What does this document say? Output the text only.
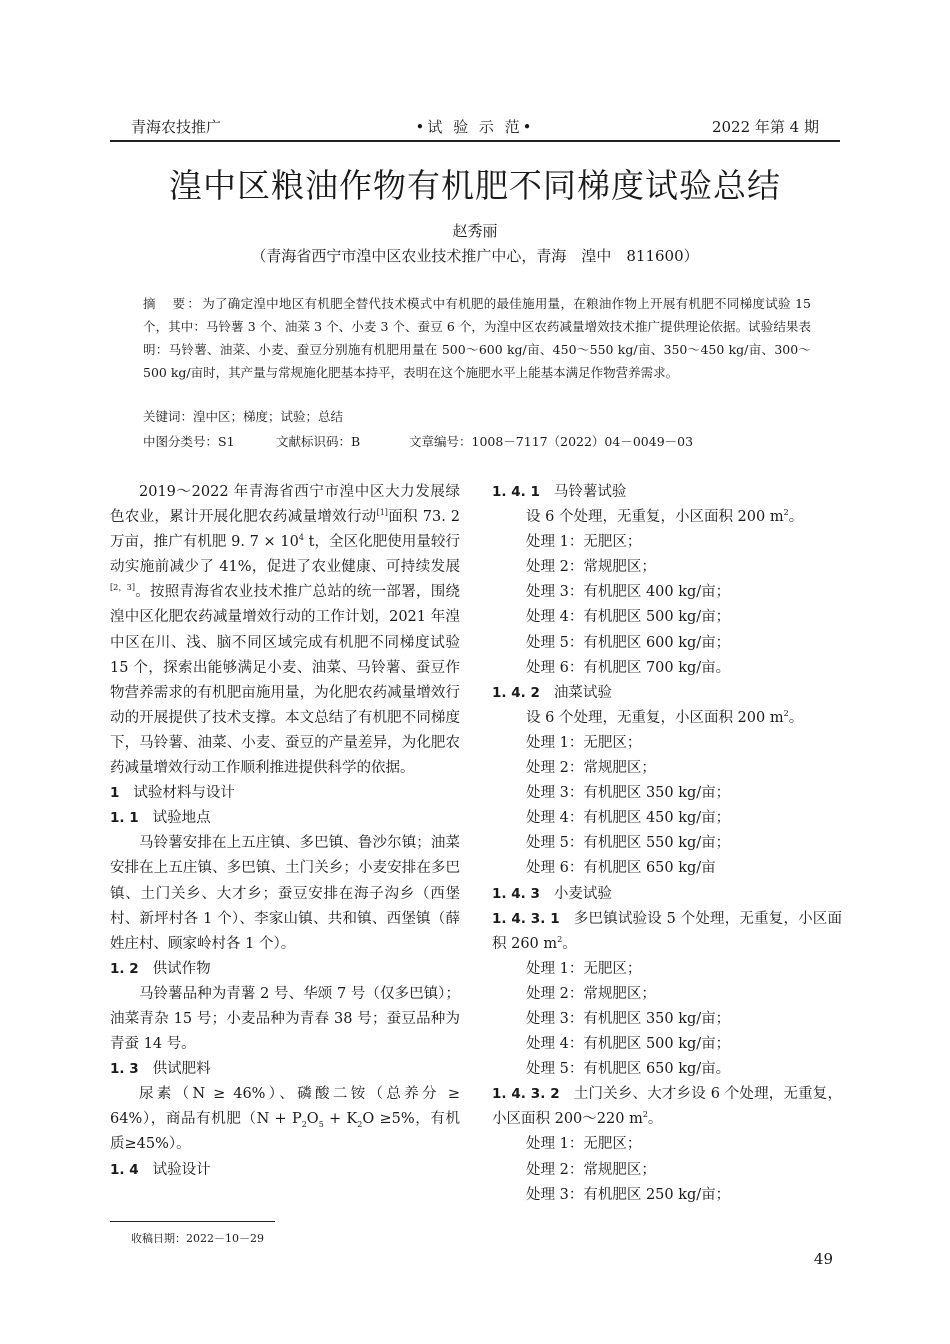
青海农技推广	•试 验 示 范•	2022 年第 4 期
湟中区粮油作物有机肥不同梯度试验总结
赵秀丽
（青海省西宁市湟中区农业技术推广中心，青海　湟中　811600）
摘　要：为了确定湟中地区有机肥全替代技术模式中有机肥的最佳施用量，在粮油作物上开展有机肥不同梯度试验 15 个，其中：马铃薯 3 个、油菜 3 个、小麦 3 个、蚕豆 6 个，为湟中区农药减量增效技术推广提供理论依据。试验结果表明：马铃薯、油菜、小麦、蚕豆分别施有机肥用量在 500～600 kg/亩、450～550 kg/亩、350～450 kg/亩、300～500 kg/亩时，其产量与常规施化肥基本持平，表明在这个施肥水平上能基本满足作物营养需求。
关键词：湟中区；梯度；试验；总结
中图分类号：S1	文献标识码：B	文章编号：1008－7117（2022）04－0049－03

2019～2022 年青海省西宁市湟中区大力发展绿色农业，累计开展化肥农药减量增效行动[1]面积 73. 2 万亩，推广有机肥 9. $7 \times 10^4$ t，全区化肥使用量较行动实施前减少了 41%，促进了农业健康、可持续发展[2，3]。按照青海省农业技术推广总站的统一部署，围绕湟中区化肥农药减量增效行动的工作计划，2021 年湟中区在川、浅、脑不同区域完成有机肥不同梯度试验 15 个，探索出能够满足小麦、油菜、马铃薯、蚕豆作物营养需求的有机肥亩施用量，为化肥农药减量增效行动的开展提供了技术支撑。本文总结了有机肥不同梯度下，马铃薯、油菜、小麦、蚕豆的产量差异，为化肥农药减量增效行动工作顺利推进提供科学的依据。

1 试验材料与设计

1. 1 试验地点

马铃薯安排在上五庄镇、多巴镇、鲁沙尔镇；油菜安排在上五庄镇、多巴镇、土门关乡；小麦安排在多巴镇、土门关乡、大才乡；蚕豆安排在海子沟乡（西堡村、新坪村各 1 个）、李家山镇、共和镇、西堡镇（薛姓庄村、顾家岭村各 1 个）。

1. 2 供试作物

马铃薯品种为青薯 2 号、华颂 7 号（仅多巴镇）；油菜青杂 15 号；小麦品种为青春 38 号；蚕豆品种为青蚕 14 号。

1. 3 供试肥料

尿素（N ≥ 46%）、磷酸二铵（总养分 ≥ 64%），商品有机肥（$N + P_2O_5 + K_2O \ge 5\%$，有机质≥45%）。

1. 4 试验设计

1. 4. 1 马铃薯试验

设 6 个处理，无重复，小区面积 200 $m^2$。

处理 1：无肥区；

处理 2：常规肥区；

处理 3：有机肥区 400 kg/亩；

处理 4：有机肥区 500 kg/亩；

处理 5：有机肥区 600 kg/亩；

处理 6：有机肥区 700 kg/亩。

1. 4. 2 油菜试验

设 6 个处理，无重复，小区面积 200 $m^2$。

处理 1：无肥区；

处理 2：常规肥区；

处理 3：有机肥区 350 kg/亩；

处理 4：有机肥区 450 kg/亩；

处理 5：有机肥区 550 kg/亩；

处理 6：有机肥区 650 kg/亩

1. 4. 3 小麦试验

1. 4. 3. 1 多巴镇试验设 5 个处理，无重复，小区面积 260 $m^2$。

处理 1：无肥区；

处理 2：常规肥区；

处理 3：有机肥区 350 kg/亩；

处理 4：有机肥区 500 kg/亩；

处理 5：有机肥区 650 kg/亩。

1. 4. 3. 2 土门关乡、大才乡设 6 个处理，无重复，小区面积 200～220 $m^2$。

处理 1：无肥区；

处理 2：常规肥区；

处理 3：有机肥区 250 kg/亩；

收稿日期：2022－10－29
49
